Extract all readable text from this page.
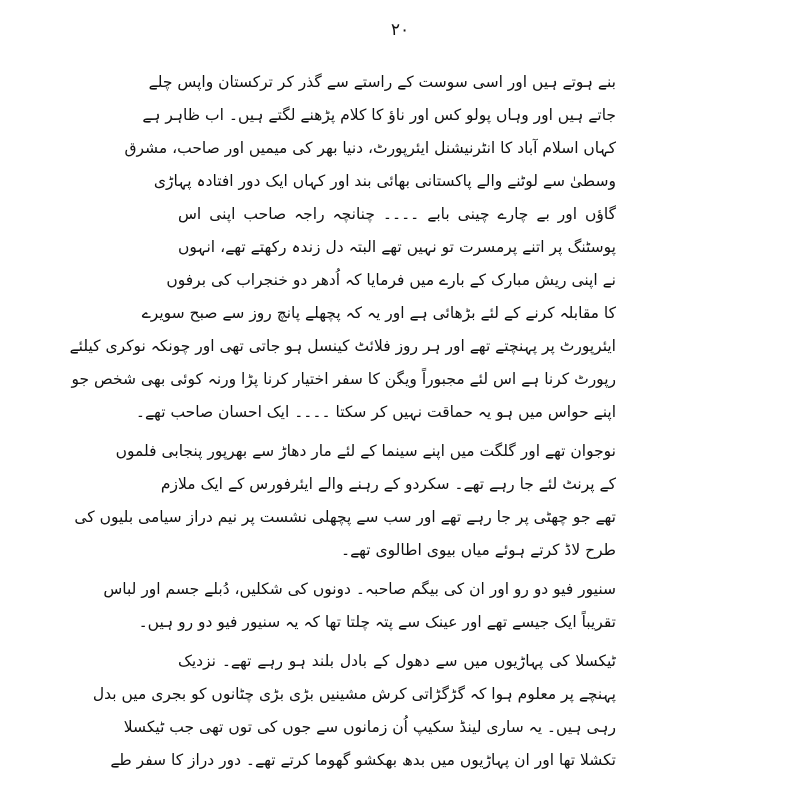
۲۰
بنے ہوتے ہیں اور اسی سوست کے راستے سے گذر کر ترکستان واپس چلے
جاتے ہیں اور وہاں پولو کس اور ناؤ کا کلام پڑھنے لگتے ہیں۔ اب ظاہر ہے
کہاں اسلام آباد کا انٹرنیشنل ایئرپورٹ، دنیا بھر کی میمیں اور صاحب، مشرق
وسطیٰ سے لوٹنے والے پاکستانی بھائی بند اور کہاں ایک دور افتادہ پہاڑی
گاؤں اور بے چارے چینی بابے ۔۔۔۔ چنانچہ راجہ صاحب اپنی اس
پوسٹنگ پر اتنے پرمسرت تو نہیں تھے البتہ دل زندہ رکھتے تھے، انہوں
نے اپنی ریش مبارک کے بارے میں فرمایا کہ اُدھر دو خنجراب کی برفوں
کا مقابلہ کرنے کے لئے بڑھائی ہے اور یہ کہ پچھلے پانچ روز سے صبح سویرے
ایئرپورٹ پر پہنچتے تھے اور ہر روز فلائٹ کینسل ہو جاتی تھی اور چونکہ نوکری کیلئے
رپورٹ کرنا ہے اس لئے مجبوراً ویگن کا سفر اختیار کرنا پڑا ورنہ کوئی بھی شخص جو
اپنے حواس میں ہو یہ حماقت نہیں کر سکتا ۔۔۔۔ ایک احسان صاحب تھے۔
نوجوان تھے اور گلگت میں اپنے سینما کے لئے مار دھاڑ سے بھرپور پنجابی فلموں
کے پرنٹ لئے جا رہے تھے۔ سکردو کے رہنے والے ایئرفورس کے ایک ملازم
تھے جو چھٹی پر جا رہے تھے اور سب سے پچھلی نشست پر نیم دراز سیامی بلیوں کی
طرح لاڈ کرتے ہوئے میاں بیوی اطالوی تھے۔
سنیور فیو دو رو اور ان کی بیگم صاحبہ۔ دونوں کی شکلیں، دُبلے جسم اور لباس
تقریباً ایک جیسے تھے اور عینک سے پتہ چلتا تھا کہ یہ سنیور فیو دو رو ہیں۔
ٹیکسلا کی پہاڑیوں میں سے دھول کے بادل بلند ہو رہے تھے۔ نزدیک
پہنچے پر معلوم ہوا کہ گڑگڑاتی کرش مشینیں بڑی بڑی چٹانوں کو بجری میں بدل
رہی ہیں۔ یہ ساری لینڈ سکیپ اُن زمانوں سے جوں کی توں تھی جب ٹیکسلا
تکشلا تھا اور ان پہاڑیوں میں بدھ بھکشو گھوما کرتے تھے۔ دور دراز کا سفر طے
